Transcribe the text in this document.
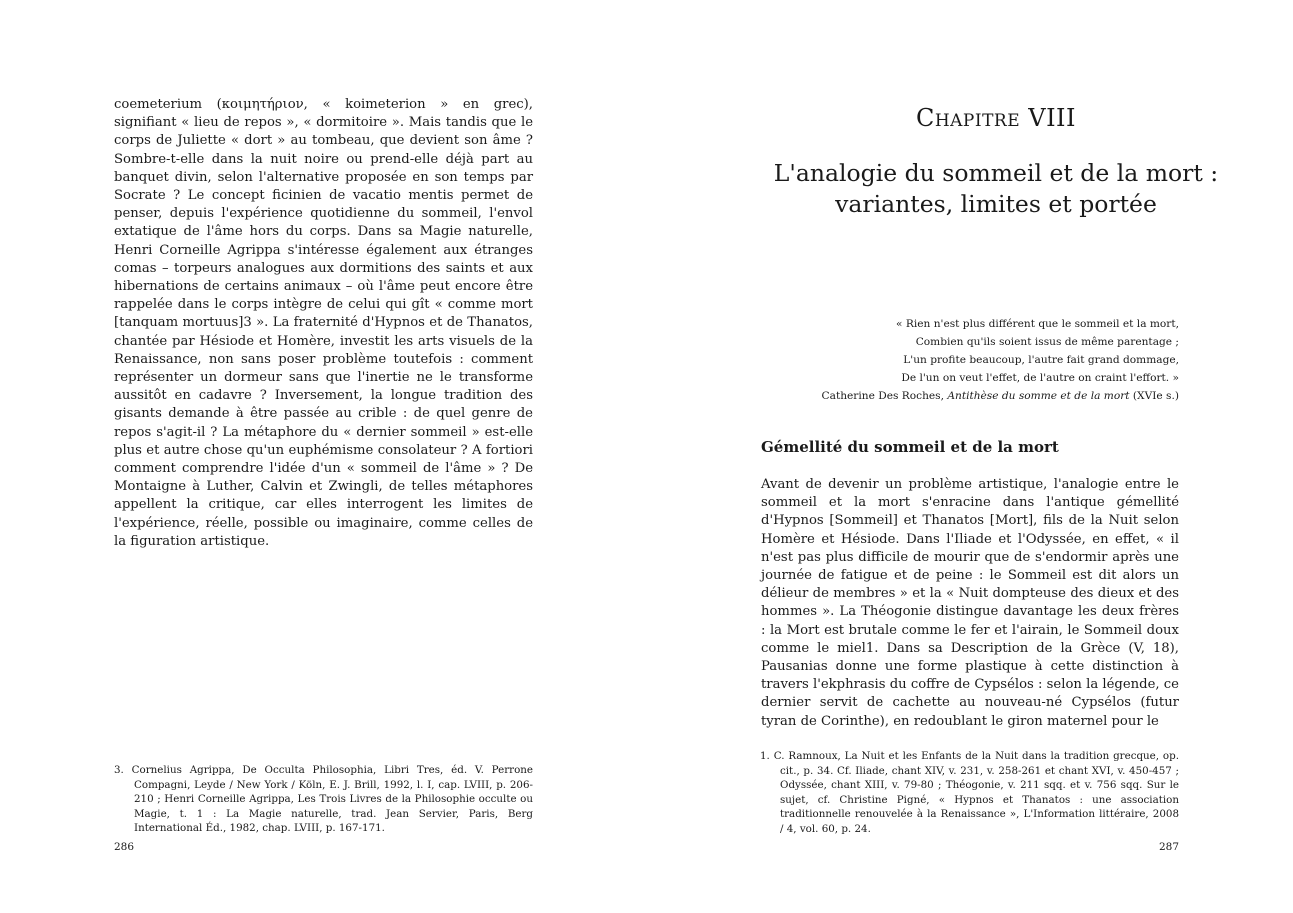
coemeterium (κοιμητήριον, « koimeterion » en grec), signifiant « lieu de repos », « dormitoire ». Mais tandis que le corps de Juliette « dort » au tombeau, que devient son âme ? Sombre-t-elle dans la nuit noire ou prend-elle déjà part au banquet divin, selon l'alternative proposée en son temps par Socrate ? Le concept ficinien de vacatio mentis permet de penser, depuis l'expérience quotidienne du sommeil, l'envol extatique de l'âme hors du corps. Dans sa Magie naturelle, Henri Corneille Agrippa s'intéresse également aux étranges comas – torpeurs analogues aux dormitions des saints et aux hibernations de certains animaux – où l'âme peut encore être rappelée dans le corps intègre de celui qui gît « comme mort [tanquam mortuus]3 ». La fraternité d'Hypnos et de Thanatos, chantée par Hésiode et Homère, investit les arts visuels de la Renaissance, non sans poser problème toutefois : comment représenter un dormeur sans que l'inertie ne le transforme aussitôt en cadavre ? Inversement, la longue tradition des gisants demande à être passée au crible : de quel genre de repos s'agit-il ? La métaphore du « dernier sommeil » est-elle plus et autre chose qu'un euphémisme consolateur ? A fortiori comment comprendre l'idée d'un « sommeil de l'âme » ? De Montaigne à Luther, Calvin et Zwingli, de telles métaphores appellent la critique, car elles interrogent les limites de l'expérience, réelle, possible ou imaginaire, comme celles de la figuration artistique.

3. Cornelius Agrippa, De Occulta Philosophia, Libri Tres, éd. V. Perrone Compagni, Leyde / New York / Köln, E. J. Brill, 1992, l. I, cap. LVIII, p. 206-210 ; Henri Corneille Agrippa, Les Trois Livres de la Philosophie occulte ou Magie, t. 1 : La Magie naturelle, trad. Jean Servier, Paris, Berg International Éd., 1982, chap. LVIII, p. 167-171.
286
Chapitre VIII
L'analogie du sommeil et de la mort :
variantes, limites et portée
« Rien n'est plus différent que le sommeil et la mort,
Combien qu'ils soient issus de même parentage ;
L'un profite beaucoup, l'autre fait grand dommage,
De l'un on veut l'effet, de l'autre on craint l'effort. »
Catherine Des Roches, Antithèse du somme et de la mort (XVIe s.)
Gémellité du sommeil et de la mort

Avant de devenir un problème artistique, l'analogie entre le sommeil et la mort s'enracine dans l'antique gémellité d'Hypnos [Sommeil] et Thanatos [Mort], fils de la Nuit selon Homère et Hésiode. Dans l'Iliade et l'Odyssée, en effet, « il n'est pas plus difficile de mourir que de s'endormir après une journée de fatigue et de peine : le Sommeil est dit alors un délieur de membres » et la « Nuit dompteuse des dieux et des hommes ». La Théogonie distingue davantage les deux frères : la Mort est brutale comme le fer et l'airain, le Sommeil doux comme le miel1. Dans sa Description de la Grèce (V, 18), Pausanias donne une forme plastique à cette distinction à travers l'ekphrasis du coffre de Cypsélos : selon la légende, ce dernier servit de cachette au nouveau-né Cypsélos (futur tyran de Corinthe), en redoublant le giron maternel pour le

1. C. Ramnoux, La Nuit et les Enfants de la Nuit dans la tradition grecque, op. cit., p. 34. Cf. Iliade, chant XIV, v. 231, v. 258-261 et chant XVI, v. 450-457 ; Odyssée, chant XIII, v. 79-80 ; Théogonie, v. 211 sqq. et v. 756 sqq. Sur le sujet, cf. Christine Pigné, « Hypnos et Thanatos : une association traditionnelle renouvelée à la Renaissance », L'Information littéraire, 2008 / 4, vol. 60, p. 24.
287
